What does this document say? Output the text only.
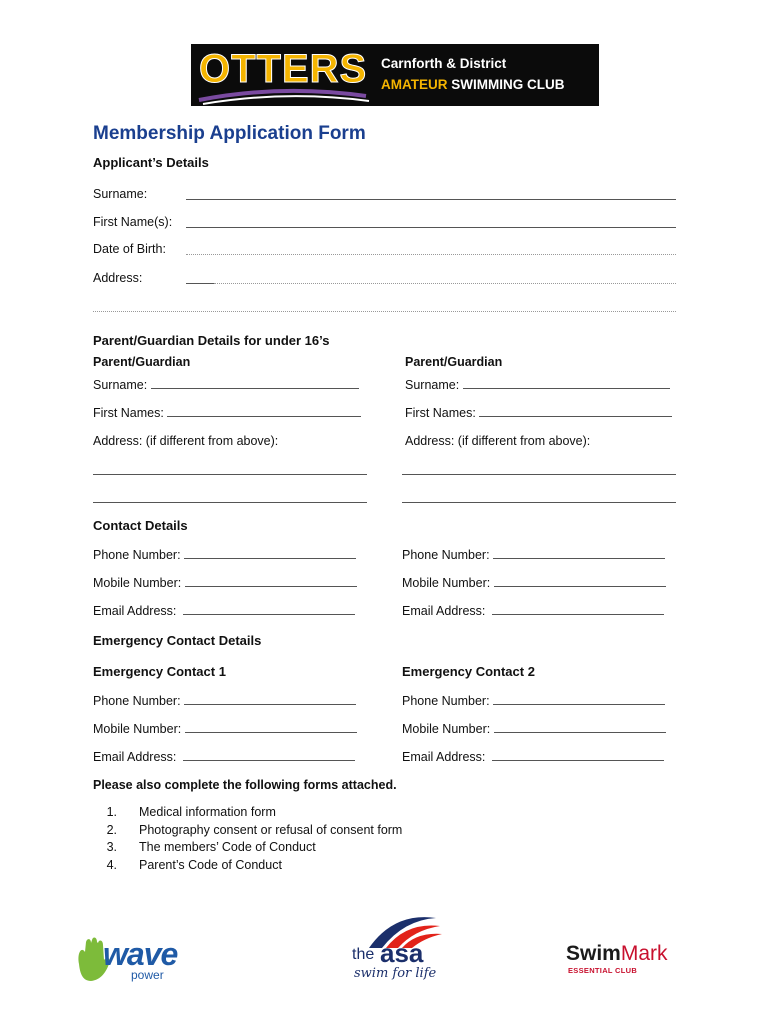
OTTERS Carnforth & District
AMATEUR SWIMMING CLUB
Membership Application Form
Applicant’s Details
Surname:
First Name(s):
Date of Birth:
Address:
Parent/Guardian Details for under 16’s
Parent/Guardian	Parent/Guardian
Surname:	Surname:
First Names:	First Names:
Address: (if different from above):	Address: (if different from above):
Contact Details
Phone Number:	Phone Number:
Mobile Number:	Mobile Number:
Email Address:	Email Address:
Emergency Contact Details
Emergency Contact 1	Emergency Contact 2
Phone Number:	Phone Number:
Mobile Number:	Mobile Number:
Email Address:	Email Address:
Please also complete the following forms attached.
1. Medical information form
2. Photography consent or refusal of consent form
3. The members’ Code of Conduct
4. Parent’s Code of Conduct
wave
power
the asa
swim for life
SwimMark
ESSENTIAL CLUB
